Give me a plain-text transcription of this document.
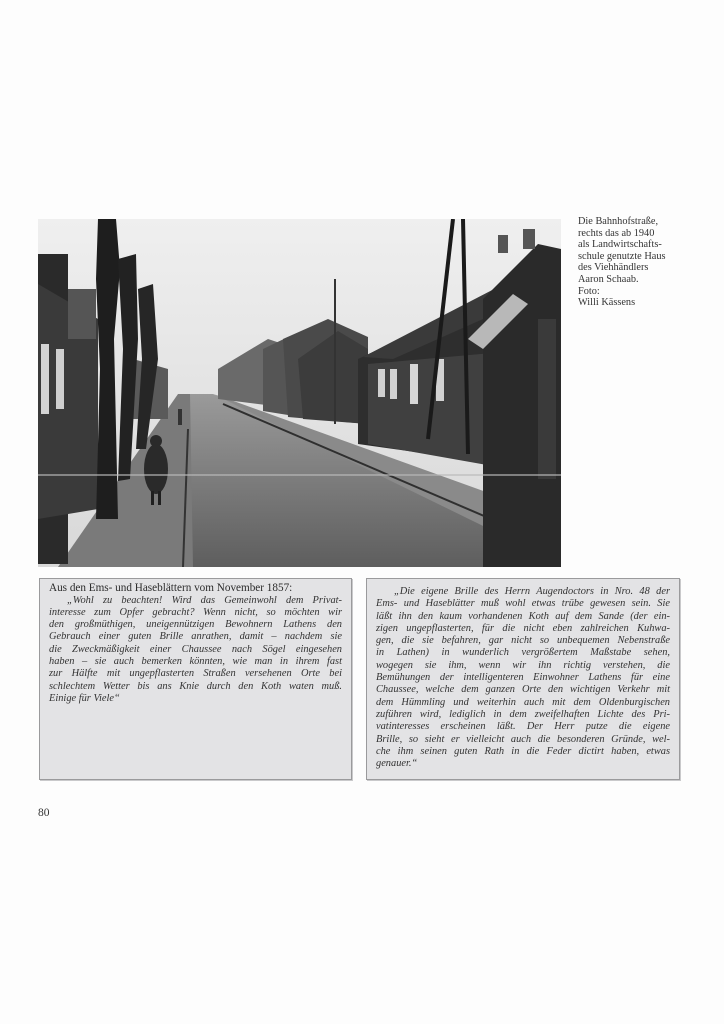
Die Bahnhofstraße,
rechts das ab 1940
als Landwirtschafts-
schule genutzte Haus
des Viehhändlers
Aaron Schaab.
Foto:
Willi Kässens
Aus den Ems- und Haseblättern vom November 1857:
„Wohl zu beachten! Wird das Gemeinwohl dem Privat-
interesse zum Opfer gebracht? Wenn nicht, so möchten wir
den großmüthigen, uneigennützigen Bewohnern Lathens den
Gebrauch einer guten Brille anrathen, damit – nachdem sie
die Zweckmäßigkeit einer Chaussee nach Sögel eingesehen
haben – sie auch bemerken könnten, wie man in ihrem fast
zur Hälfte mit ungepflasterten Straßen versehenen Orte bei
schlechtem Wetter bis ans Knie durch den Koth waten muß.
Einige für Viele“
„Die eigene Brille des Herrn Augendoctors in Nro. 48 der
Ems- und Haseblätter muß wohl etwas trübe gewesen sein. Sie
läßt ihn den kaum vorhandenen Koth auf dem Sande (der ein-
zigen ungepflasterten, für die nicht eben zahlreichen Kuhwa-
gen, die sie befahren, gar nicht so unbequemen Nebenstraße
in Lathen) in wunderlich vergrößertem Maßstabe sehen,
wogegen sie ihm, wenn wir ihn richtig verstehen, die
Bemühungen der intelligenteren Einwohner Lathens für eine
Chaussee, welche dem ganzen Orte den wichtigen Verkehr mit
dem Hümmling und weiterhin auch mit dem Oldenburgischen
zuführen wird, lediglich in dem zweifelhaften Lichte des Pri-
vatinteresses erscheinen läßt. Der Herr putze die eigene
Brille, so sieht er vielleicht auch die besonderen Gründe, wel-
che ihm seinen guten Rath in die Feder dictirt haben, etwas
genauer.“
80
